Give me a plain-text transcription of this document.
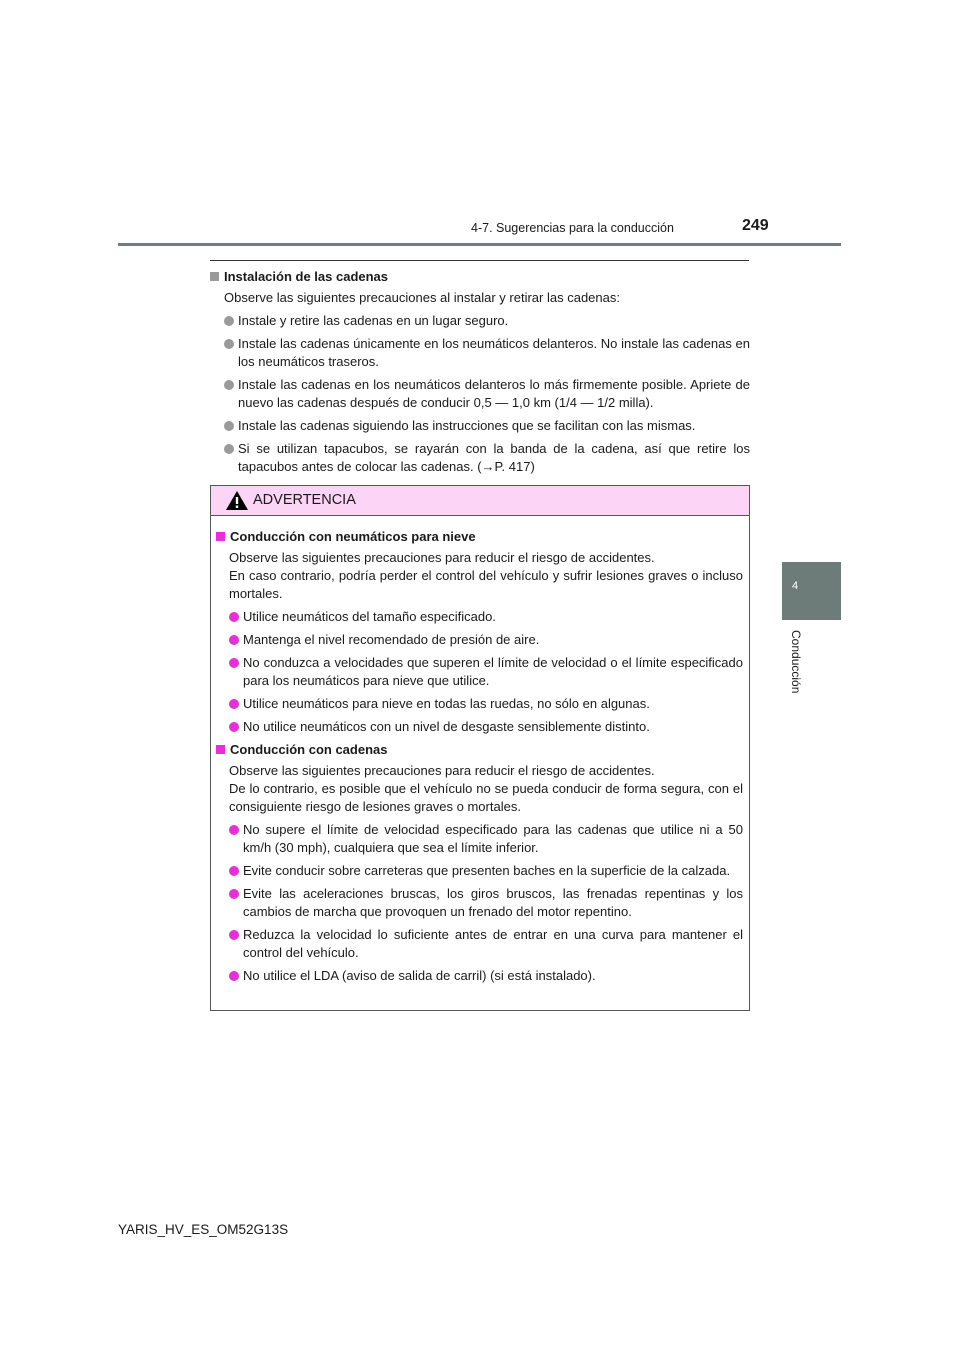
4-7. Sugerencias para la conducción	249
4
Conducción
Instalación de las cadenas
Observe las siguientes precauciones al instalar y retirar las cadenas:
Instale y retire las cadenas en un lugar seguro.
Instale las cadenas únicamente en los neumáticos delanteros. No instale las cadenas en los neumáticos traseros.
Instale las cadenas en los neumáticos delanteros lo más firmemente posible. Apriete de nuevo las cadenas después de conducir 0,5 — 1,0 km (1/4 — 1/2 milla).
Instale las cadenas siguiendo las instrucciones que se facilitan con las mismas.
Si se utilizan tapacubos, se rayarán con la banda de la cadena, así que retire los tapacubos antes de colocar las cadenas. (→P. 417)
ADVERTENCIA
Conducción con neumáticos para nieve
Observe las siguientes precauciones para reducir el riesgo de accidentes.
En caso contrario, podría perder el control del vehículo y sufrir lesiones graves o incluso mortales.
Utilice neumáticos del tamaño especificado.
Mantenga el nivel recomendado de presión de aire.
No conduzca a velocidades que superen el límite de velocidad o el límite especificado para los neumáticos para nieve que utilice.
Utilice neumáticos para nieve en todas las ruedas, no sólo en algunas.
No utilice neumáticos con un nivel de desgaste sensiblemente distinto.
Conducción con cadenas
Observe las siguientes precauciones para reducir el riesgo de accidentes.
De lo contrario, es posible que el vehículo no se pueda conducir de forma segura, con el consiguiente riesgo de lesiones graves o mortales.
No supere el límite de velocidad especificado para las cadenas que utilice ni a 50 km/h (30 mph), cualquiera que sea el límite inferior.
Evite conducir sobre carreteras que presenten baches en la superficie de la calzada.
Evite las aceleraciones bruscas, los giros bruscos, las frenadas repentinas y los cambios de marcha que provoquen un frenado del motor repentino.
Reduzca la velocidad lo suficiente antes de entrar en una curva para mantener el control del vehículo.
No utilice el LDA (aviso de salida de carril) (si está instalado).
YARIS_HV_ES_OM52G13S
